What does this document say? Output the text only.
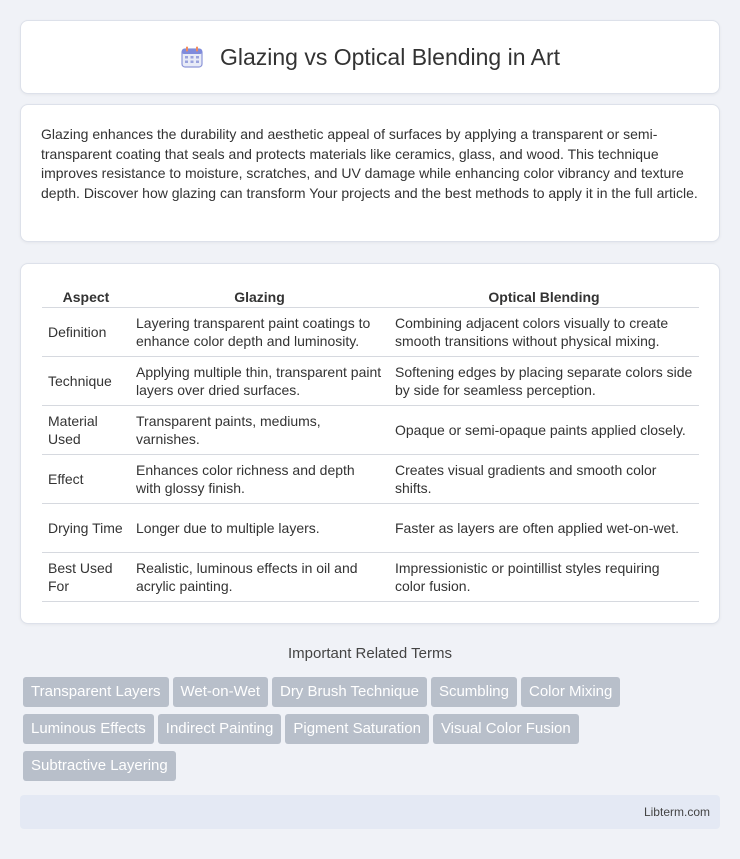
Glazing vs Optical Blending in Art

Glazing enhances the durability and aesthetic appeal of surfaces by applying a transparent or semi-transparent coating that seals and protects materials like ceramics, glass, and wood. This technique improves resistance to moisture, scratches, and UV damage while enhancing color vibrancy and texture depth. Discover how glazing can transform Your projects and the best methods to apply it in the full article.

Aspect	Glazing	Optical Blending
Definition	Layering transparent paint coatings to enhance color depth and luminosity.	Combining adjacent colors visually to create smooth transitions without physical mixing.
Technique	Applying multiple thin, transparent paint layers over dried surfaces.	Softening edges by placing separate colors side by side for seamless perception.
Material Used	Transparent paints, mediums, varnishes.	Opaque or semi-opaque paints applied closely.
Effect	Enhances color richness and depth with glossy finish.	Creates visual gradients and smooth color shifts.
Drying Time	Longer due to multiple layers.	Faster as layers are often applied wet-on-wet.
Best Used For	Realistic, luminous effects in oil and acrylic painting.	Impressionistic or pointillist styles requiring color fusion.
Important Related Terms
Transparent Layers	Wet-on-Wet	Dry Brush Technique	Scumbling	Color Mixing
Luminous Effects	Indirect Painting	Pigment Saturation	Visual Color Fusion
Subtractive Layering
Libterm.com
